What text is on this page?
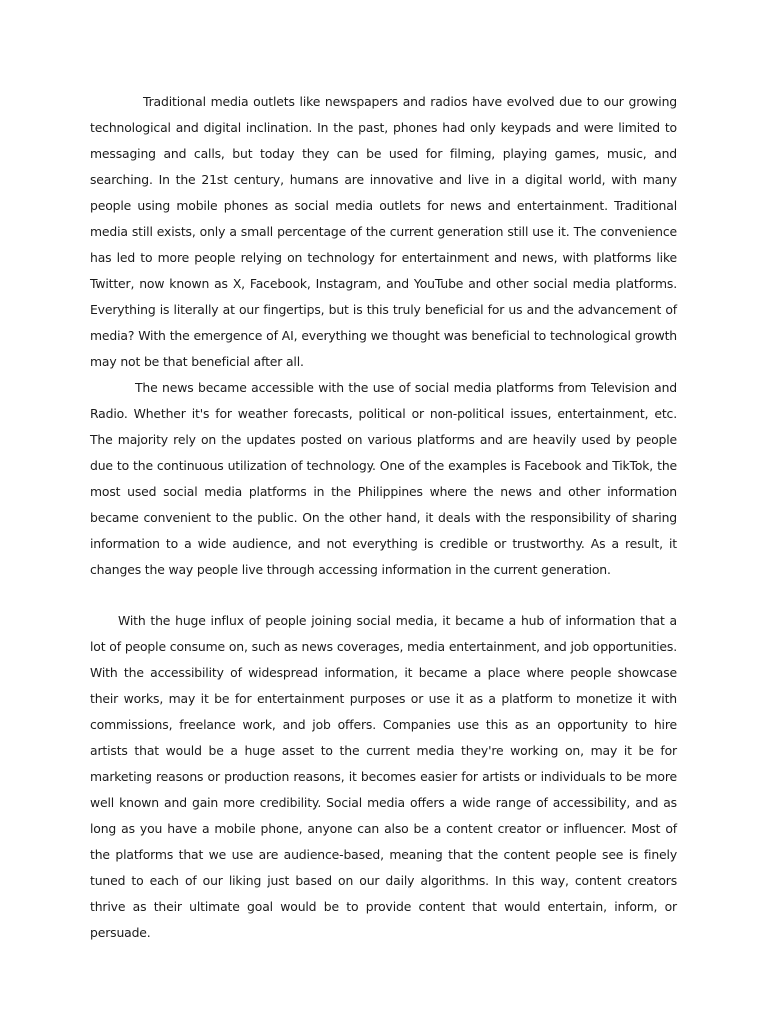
Traditional media outlets like newspapers and radios have evolved due to our growing technological and digital inclination. In the past, phones had only keypads and were limited to messaging and calls, but today they can be used for filming, playing games, music, and searching. In the 21st century, humans are innovative and live in a digital world, with many people using mobile phones as social media outlets for news and entertainment. Traditional media still exists, only a small percentage of the current generation still use it. The convenience has led to more people relying on technology for entertainment and news, with platforms like Twitter, now known as X, Facebook, Instagram, and YouTube and other social media platforms. Everything is literally at our fingertips, but is this truly beneficial for us and the advancement of media? With the emergence of AI, everything we thought was beneficial to technological growth may not be that beneficial after all.

The news became accessible with the use of social media platforms from Television and Radio. Whether it's for weather forecasts, political or non-political issues, entertainment, etc. The majority rely on the updates posted on various platforms and are heavily used by people due to the continuous utilization of technology. One of the examples is Facebook and TikTok, the most used social media platforms in the Philippines where the news and other information became convenient to the public. On the other hand, it deals with the responsibility of sharing information to a wide audience, and not everything is credible or trustworthy. As a result, it changes the way people live through accessing information in the current generation.

With the huge influx of people joining social media, it became a hub of information that a lot of people consume on, such as news coverages, media entertainment, and job opportunities. With the accessibility of widespread information, it became a place where people showcase their works, may it be for entertainment purposes or use it as a platform to monetize it with commissions, freelance work, and job offers. Companies use this as an opportunity to hire artists that would be a huge asset to the current media they're working on, may it be for marketing reasons or production reasons, it becomes easier for artists or individuals to be more well known and gain more credibility. Social media offers a wide range of accessibility, and as long as you have a mobile phone, anyone can also be a content creator or influencer. Most of the platforms that we use are audience-based, meaning that the content people see is finely tuned to each of our liking just based on our daily algorithms. In this way, content creators thrive as their ultimate goal would be to provide content that would entertain, inform, or persuade.
